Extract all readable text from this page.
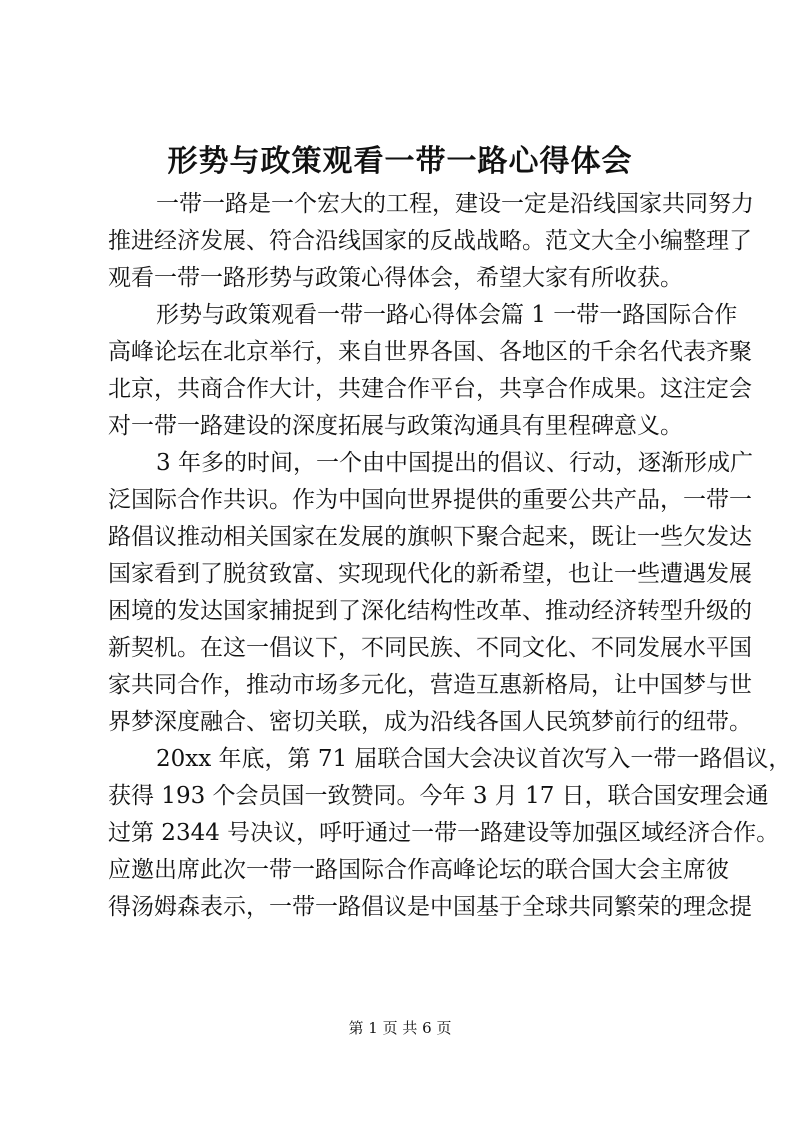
形势与政策观看一带一路心得体会
一带一路是一个宏大的工程，建设一定是沿线国家共同努力
推进经济发展、符合沿线国家的反战战略。范文大全小编整理了
观看一带一路形势与政策心得体会，希望大家有所收获。
形势与政策观看一带一路心得体会篇 1 一带一路国际合作
高峰论坛在北京举行，来自世界各国、各地区的千余名代表齐聚
北京，共商合作大计，共建合作平台，共享合作成果。这注定会
对一带一路建设的深度拓展与政策沟通具有里程碑意义。
3 年多的时间，一个由中国提出的倡议、行动，逐渐形成广
泛国际合作共识。作为中国向世界提供的重要公共产品，一带一
路倡议推动相关国家在发展的旗帜下聚合起来，既让一些欠发达
国家看到了脱贫致富、实现现代化的新希望，也让一些遭遇发展
困境的发达国家捕捉到了深化结构性改革、推动经济转型升级的
新契机。在这一倡议下，不同民族、不同文化、不同发展水平国
家共同合作，推动市场多元化，营造互惠新格局，让中国梦与世
界梦深度融合、密切关联，成为沿线各国人民筑梦前行的纽带。
20xx 年底，第 71 届联合国大会决议首次写入一带一路倡议，
获得 193 个会员国一致赞同。今年 3 月 17 日，联合国安理会通
过第 2344 号决议，呼吁通过一带一路建设等加强区域经济合作。
应邀出席此次一带一路国际合作高峰论坛的联合国大会主席彼
得汤姆森表示，一带一路倡议是中国基于全球共同繁荣的理念提
第 1 页 共 6 页
